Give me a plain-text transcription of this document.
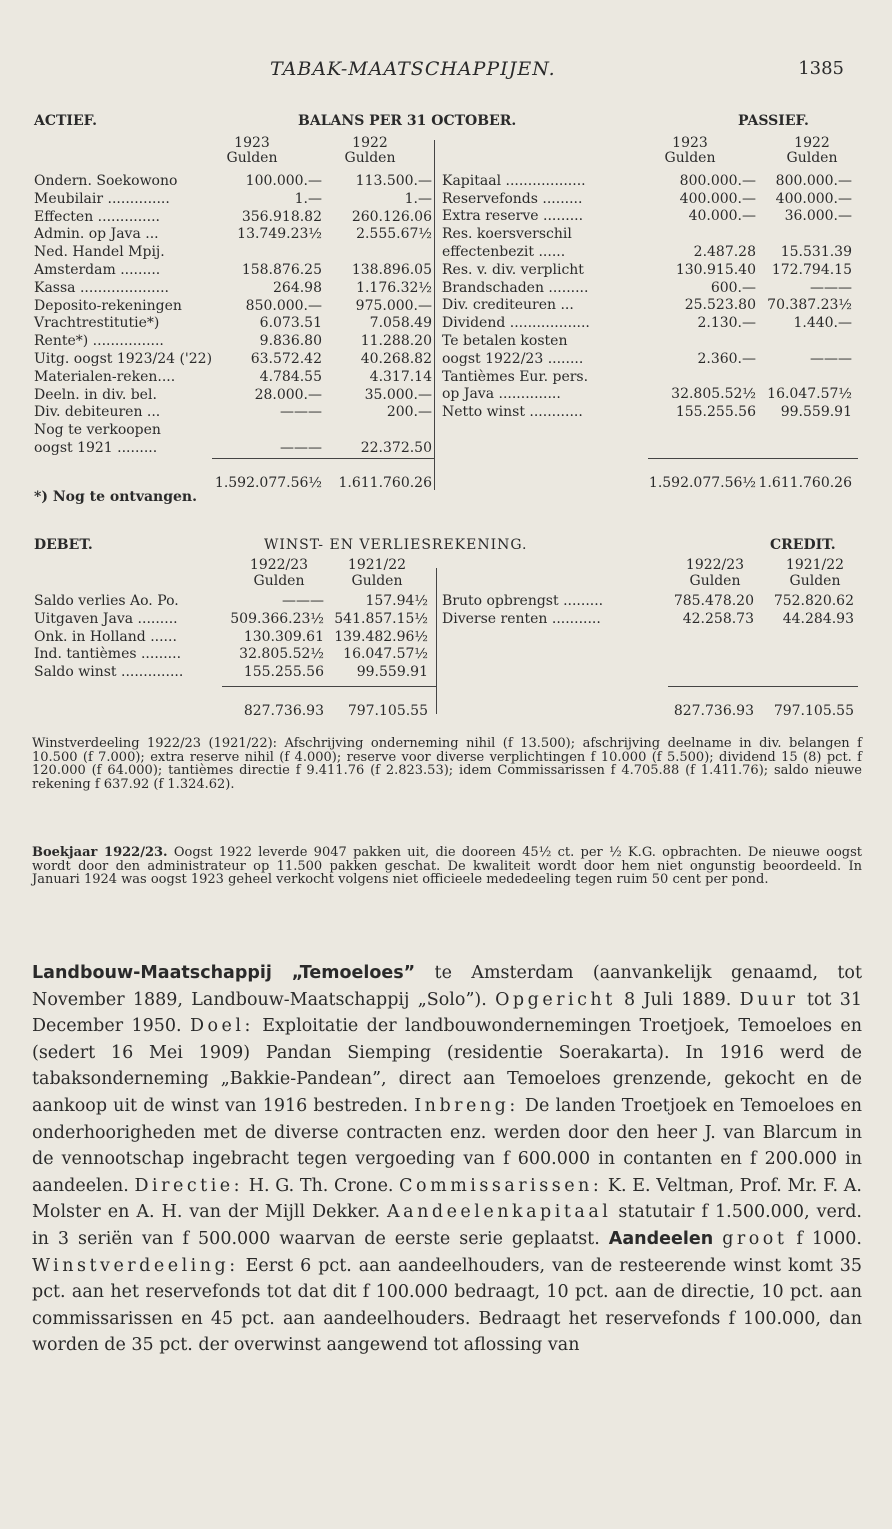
TABAK-MAATSCHAPPIJEN.	1385
ACTIEF.	BALANS PER 31 OCTOBER.	PASSIEF.
1923	1922
Gulden	Gulden
1923	1922
Gulden	Gulden
Ondern. Soekowono	100.000.—	113.500.—
Meubilair ..............	1.—	1.—
Effecten ..............	356.918.82	260.126.06
Admin. op Java ...	13.749.23½	2.555.67½
Ned. Handel Mpij.
Amsterdam .........	158.876.25	138.896.05
Kassa ....................	264.98	1.176.32½
Deposito-rekeningen	850.000.—	975.000.—
Vrachtrestitutie*)	6.073.51	7.058.49
Rente*) ................	9.836.80	11.288.20
Uitg. oogst 1923/24 ('22)	63.572.42	40.268.82
Materialen-reken....	4.784.55	4.317.14
Deeln. in div. bel.	28.000.—	35.000.—
Div. debiteuren ...	———	200.—
Nog te verkoopen
oogst 1921 .........	———	22.372.50
Kapitaal ..................	800.000.—	800.000.—
Reservefonds .........	400.000.—	400.000.—
Extra reserve .........	40.000.—	36.000.—
Res. koersverschil
effectenbezit ......	2.487.28	15.531.39
Res. v. div. verplicht	130.915.40	172.794.15
Brandschaden .........	600.—	———
Div. crediteuren ...	25.523.80 70.387.23½
Dividend ..................	2.130.—	1.440.—
Te betalen kosten
oogst 1922/23 ........	2.360.—	———
Tantièmes Eur. pers.
op Java ..............	32.805.52½ 16.047.57½
Netto winst ............	155.255.56	99.559.91
1.592.077.56½	1.611.760.26	1.592.077.56½ 1.611.760.26
*) Nog te ontvangen.
DEBET.	WINST- EN VERLIESREKENING.	CREDIT.
1922/23	1921/22
Gulden	Gulden
1922/23	1921/22
Gulden	Gulden
Saldo verlies Ao. Po.	———	157.94½
Uitgaven Java .........	509.366.23½ 541.857.15½
Onk. in Holland ......	130.309.61 139.482.96½
Ind. tantièmes .........	32.805.52½	16.047.57½
Saldo winst ..............	155.255.56	99.559.91
Bruto opbrengst .........	785.478.20	752.820.62
Diverse renten ...........	42.258.73	44.284.93
827.736.93	797.105.55	827.736.93	797.105.55
Winstverdeeling 1922/23 (1921/22): Afschrijving onderneming nihil (f 13.500); afschrijving deelname in div. belangen f 10.500 (f 7.000); extra reserve nihil (f 4.000); reserve voor diverse verplichtingen f 10.000 (f 5.500); dividend 15 (8) pct. f 120.000 (f 64.000); tantièmes directie f 9.411.76 (f 2.823.53); idem Commissarissen f 4.705.88 (f 1.411.76); saldo nieuwe rekening f 637.92 (f 1.324.62).
Boekjaar 1922/23. Oogst 1922 leverde 9047 pakken uit, die dooreen 45½ ct. per ½ K.G. opbrachten. De nieuwe oogst wordt door den administrateur op 11.500 pakken geschat. De kwaliteit wordt door hem niet ongunstig beoordeeld. In Januari 1924 was oogst 1923 geheel verkocht volgens niet officieele mededeeling tegen ruim 50 cent per pond.
Landbouw-Maatschappij „Temoeloes” te Amsterdam (aanvankelijk genaamd, tot November 1889, Landbouw-Maatschappij „Solo”). Opgericht 8 Juli 1889. Duur tot 31 December 1950. Doel: Exploitatie der landbouwondernemingen Troetjoek, Temoeloes en (sedert 16 Mei 1909) Pandan Siemping (residentie Soerakarta). In 1916 werd de tabaksonderneming „Bakkie-Pandean”, direct aan Temoeloes grenzende, gekocht en de aankoop uit de winst van 1916 bestreden. Inbreng: De landen Troetjoek en Temoeloes en onderhoorigheden met de diverse contracten enz. werden door den heer J. van Blarcum in de vennootschap ingebracht tegen vergoeding van f 600.000 in contanten en f 200.000 in aandeelen. Directie: H. G. Th. Crone. Commissarissen: K. E. Veltman, Prof. Mr. F. A. Molster en A. H. van der Mijll Dekker. Aandeelenkapitaal statutair f 1.500.000, verd. in 3 seriën van f 500.000 waarvan de eerste serie geplaatst. Aandeelen groot f 1000. Winstverdeeling: Eerst 6 pct. aan aandeelhouders, van de resteerende winst komt 35 pct. aan het reservefonds tot dat dit f 100.000 bedraagt, 10 pct. aan de directie, 10 pct. aan commissarissen en 45 pct. aan aandeelhouders. Bedraagt het reservefonds f 100.000, dan worden de 35 pct. der overwinst aangewend tot aflossing van
